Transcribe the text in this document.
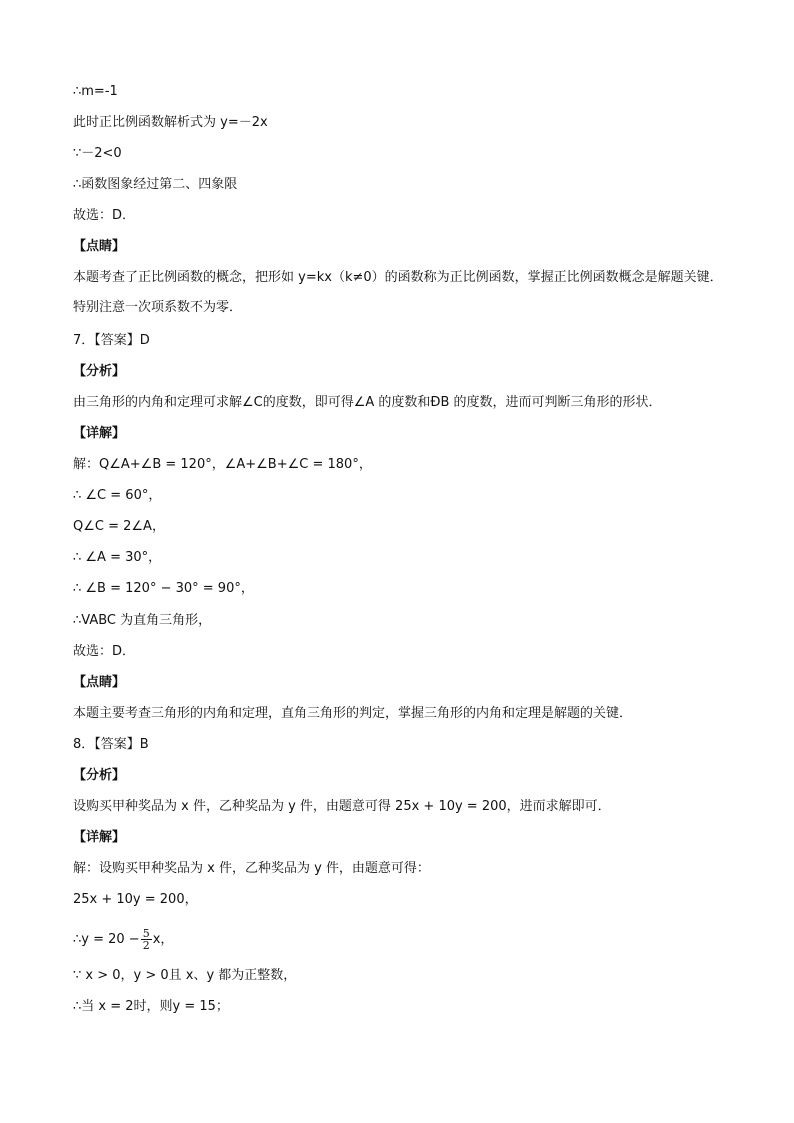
∴m=-1
此时正比例函数解析式为 y=－2x
∵－2<0
∴函数图象经过第二、四象限
故选：D．
【点睛】
本题考查了正比例函数的概念，把形如 y=kx（k≠0）的函数称为正比例函数，掌握正比例函数概念是解题关键．特别注意一次项系数不为零．
7．【答案】D
【分析】
由三角形的内角和定理可求解∠C的度数，即可得∠A 的度数和ÐB 的度数，进而可判断三角形的形状．
【详解】
解：Q∠A+∠B = 120°，∠A+∠B+∠C = 180°，
∴ ∠C = 60°，
Q∠C = 2∠A，
∴ ∠A = 30°，
∴ ∠B = 120° − 30° = 90°，
∴VABC 为直角三角形，
故选：D．
【点睛】
本题主要考查三角形的内角和定理，直角三角形的判定，掌握三角形的内角和定理是解题的关键．
8．【答案】B
【分析】
设购买甲种奖品为 x 件，乙种奖品为 y 件，由题意可得 25x + 10y = 200，进而求解即可．
【详解】
解：设购买甲种奖品为 x 件，乙种奖品为 y 件，由题意可得：
25x + 10y = 200，
∴y = $20 - \frac{5}{2}$ x，
∵ x > 0，y > 0且 x、y 都为正整数，
∴当 x = 2时，则y = 15；
